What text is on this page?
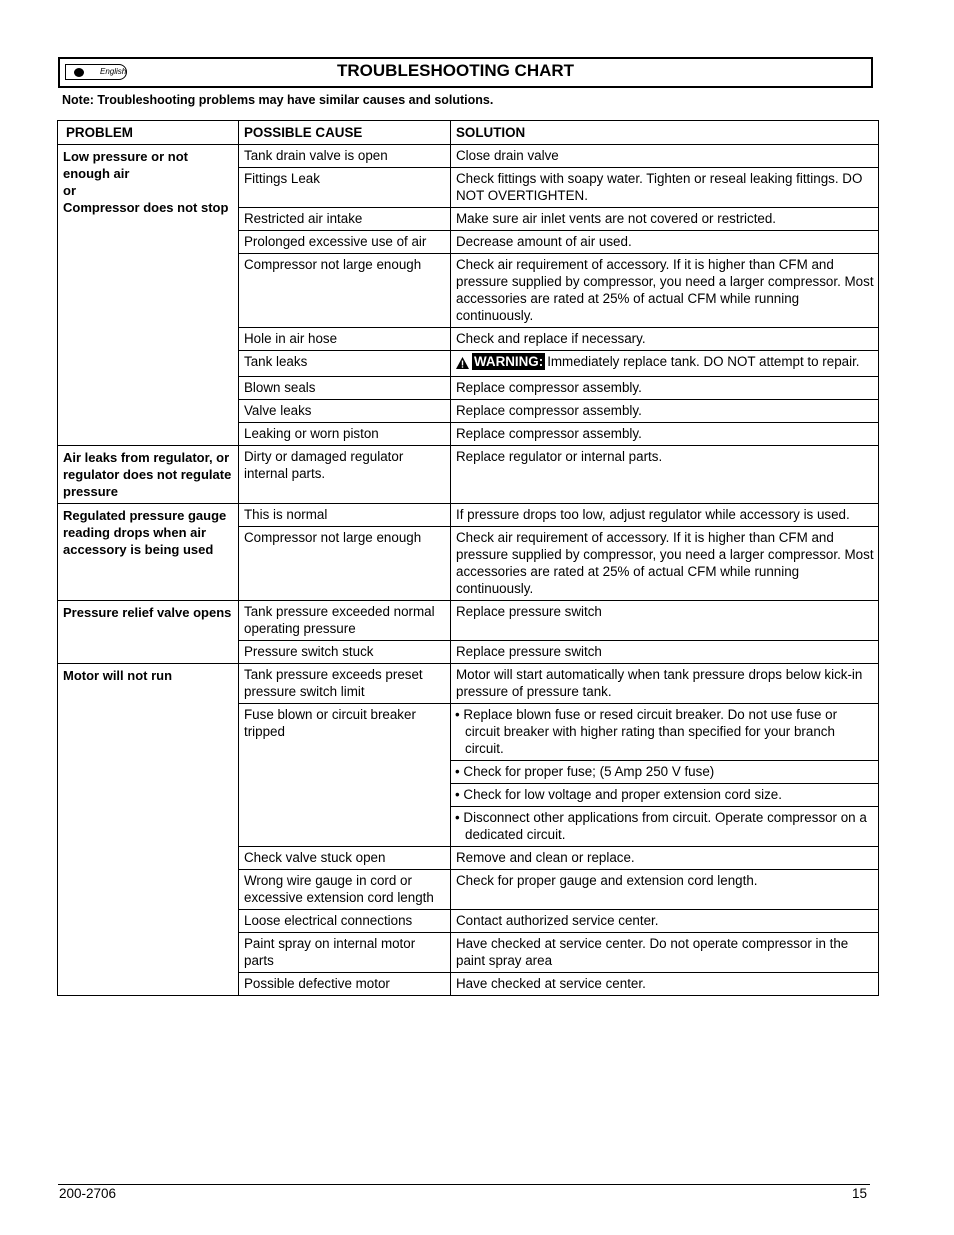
English	TROUBLESHOOTING CHART
Note: Troubleshooting problems may have similar causes and solutions.
PROBLEM	POSSIBLE CAUSE	SOLUTION
Low pressure or not enough air
or
Compressor does not stop	Tank drain valve is open	Close drain valve
	Fittings Leak	Check fittings with soapy water. Tighten or reseal leaking fittings. DO NOT OVERTIGHTEN.
	Restricted air intake	Make sure air inlet vents are not covered or restricted.
	Prolonged excessive use of air	Decrease amount of air used.
	Compressor not large enough	Check air requirement of accessory. If it is higher than CFM and pressure supplied by compressor, you need a larger compressor. Most accessories are rated at 25% of actual CFM while running continuously.
	Hole in air hose	Check and replace if necessary.
	Tank leaks	WARNING: Immediately replace tank. DO NOT attempt to repair.

	Blown seals	Replace compressor assembly.
	Valve leaks	Replace compressor assembly.
	Leaking or worn piston	Replace compressor assembly.
Air leaks from regulator, or regulator does not regulate pressure	Dirty or damaged regulator internal parts.	Replace regulator or internal parts.
Regulated pressure gauge reading drops when air accessory is being used	This is normal	If pressure drops too low, adjust regulator while accessory is used.
	Compressor not large enough	Check air requirement of accessory. If it is higher than CFM and pressure supplied by compressor, you need a larger compressor. Most accessories are rated at 25% of actual CFM while running continuously.
Pressure relief valve opens	Tank pressure exceeded normal operating pressure	Replace pressure switch
	Pressure switch stuck	Replace pressure switch
Motor will not run	Tank pressure exceeds preset pressure switch limit	Motor will start automatically when tank pressure drops below kick-in pressure of pressure tank.
	Fuse blown or circuit breaker tripped	• Replace blown fuse or resed circuit breaker. Do not use fuse or circuit breaker with higher rating than specified for your branch circuit.
		• Check for proper fuse; (5 Amp 250 V fuse)
		• Check for low voltage and proper extension cord size.
		• Disconnect other applications from circuit. Operate compressor on a dedicated circuit.
	Check valve stuck open	Remove and clean or replace.
	Wrong wire gauge in cord or excessive extension cord length	Check for proper gauge and extension cord length.
	Loose electrical connections	Contact authorized service center.
	Paint spray on internal motor parts	Have checked at service center. Do not operate compressor in the paint spray area
	Possible defective motor	Have checked at service center.
200-2706	15
